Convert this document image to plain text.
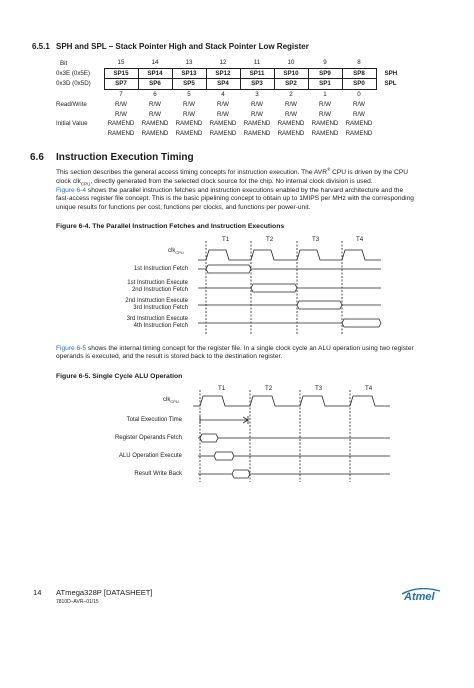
6.5.1 SPH and SPL – Stack Pointer High and Stack Pointer Low Register
Bit	15	14	13	12	11	10	9	8	
0x3E (0x5E)	SP15	SP14	SP13	SP12	SP11	SP10	SP9	SP8	SPH
0x3D (0x5D)	SP7	SP6	SP5	SP4	SP3	SP2	SP1	SP0	SPL
	7	6	5	4	3	2	1	0	
Read/Write	R/W	R/W	R/W	R/W	R/W	R/W	R/W	R/W	
	R/W	R/W	R/W	R/W	R/W	R/W	R/W	R/W	
Initial Value	RAMEND	RAMEND	RAMEND	RAMEND	RAMEND	RAMEND	RAMEND	RAMEND	
	RAMEND	RAMEND	RAMEND	RAMEND	RAMEND	RAMEND	RAMEND	RAMEND	
6.6 Instruction Execution Timing
This section describes the general access timing concepts for instruction execution. The AVR® CPU is driven by the CPU
clock clk$_{CPU}$, directly generated from the selected clock source for the chip. No internal clock division is used.
Figure 6-4 shows the parallel instruction fetches and instruction executions enabled by the harvard architecture and the
fast-access register file concept. This is the basic pipelining concept to obtain up to 1MIPS per MHz with the corresponding
unique results for functions per cost, functions per clocks, and functions per power-unit.
Figure 6-4. The Parallel Instruction Fetches and Instruction Executions
T1	T2	T3	T4
clk$_{CPU}$
1st Instruction Fetch
1st Instruction Execute
2nd Instruction Fetch
2nd Instruction Execute
3rd Instruction Fetch
3rd Instruction Execute
4th Instruction Fetch
Figure 6-5 shows the internal timing concept for the register file. In a single clock cycle an ALU operation using two register
operands is executed, and the result is stored back to the destination register.
Figure 6-5. Single Cycle ALU Operation
T1	T2	T3	T4
clk$_{CPU}$
Total Execution Time
Register Operands Fetch
ALU Operation Execute
Result Write Back
14 ATmega328P [DATASHEET]
7810D–AVR–01/15	Atmel
